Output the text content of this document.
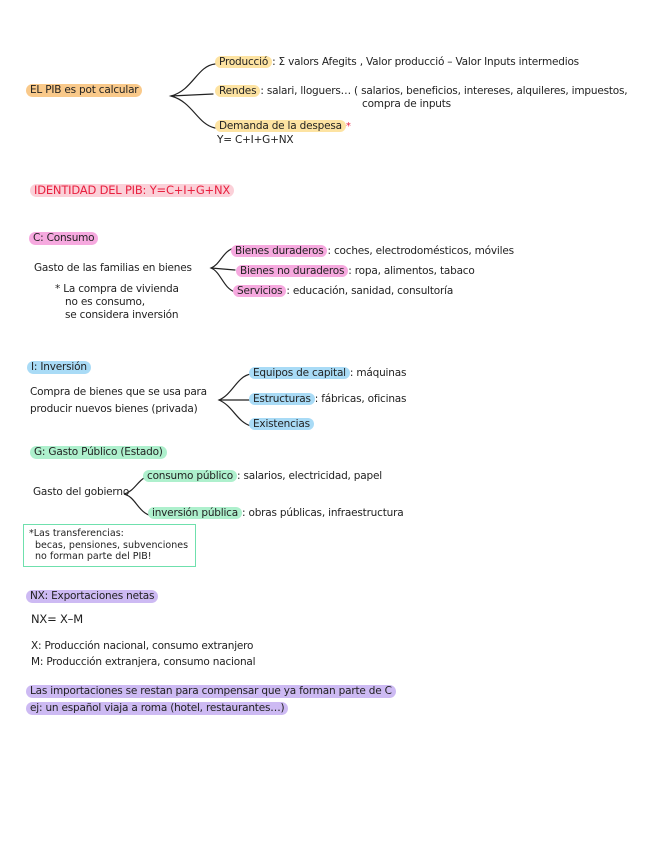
EL PIB es pot calcular
Producció : Σ valors Afegits , Valor producció – Valor Inputs intermedios
Rendes : salari, lloguers… ( salarios, beneficios, intereses, alquileres, impuestos,
compra de inputs
Demanda de la despesa *
Y= C+I+G+NX
IDENTIDAD DEL PIB: Y=C+I+G+NX
C: Consumo
Gasto de las familias en bienes
* La compra de vivienda
no es consumo,
se considera inversión
Bienes duraderos : coches, electrodomésticos, móviles
Bienes no duraderos : ropa, alimentos, tabaco
Servicios : educación, sanidad, consultoría
I: Inversión
Compra de bienes que se usa para
producir nuevos bienes (privada)
Equipos de capital : máquinas
Estructuras : fábricas, oficinas
Existencias
G: Gasto Público (Estado)
Gasto del gobierno
consumo público : salarios, electricidad, papel
inversión pública : obras públicas, infraestructura
*Las transferencias:
becas, pensiones, subvenciones
no forman parte del PIB!
NX: Exportaciones netas
NX= X–M
X: Producción nacional, consumo extranjero
M: Producción extranjera, consumo nacional
Las importaciones se restan para compensar que ya forman parte de C
ej: un español viaja a roma (hotel, restaurantes…)
